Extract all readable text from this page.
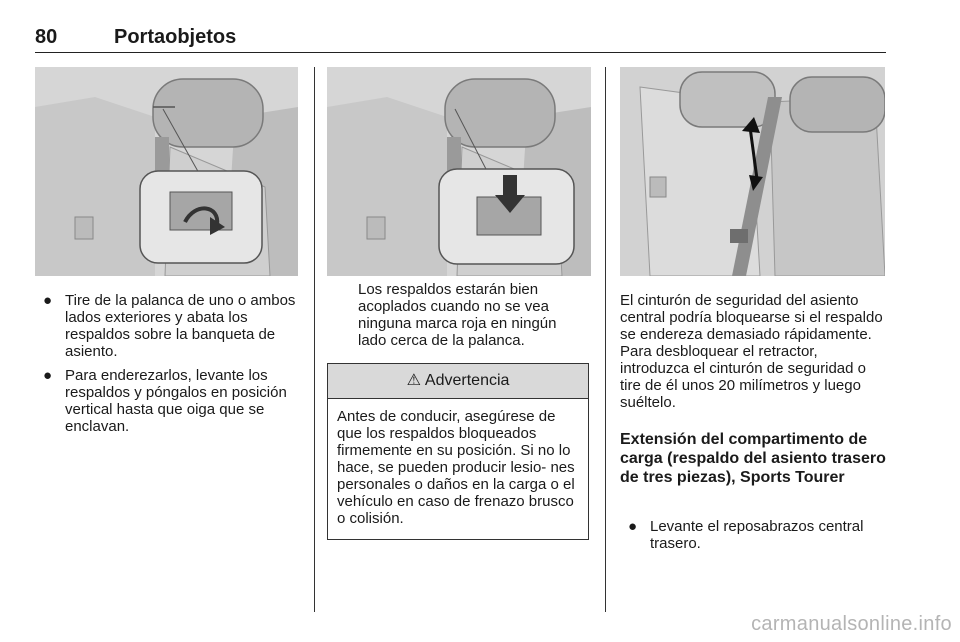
80	Portaobjetos
● Tire de la palanca de uno o ambos lados exteriores y abata los respaldos sobre la banqueta de asiento.
● Para enderezarlos, levante los respaldos y póngalos en posición vertical hasta que oiga que se enclavan.

Los respaldos estarán bien acoplados cuando no se vea ninguna marca roja en ningún lado cerca de la palanca.

⚠ Advertencia

Antes de conducir, asegúrese de que los respaldos bloqueados firmemente en su posición. Si no lo hace, se pueden producir lesio- nes personales o daños en la carga o el vehículo en caso de frenazo brusco o colisión.

El cinturón de seguridad del asiento central podría bloquearse si el respaldo se endereza demasiado rápidamente. Para desbloquear el retractor, introduzca el cinturón de seguridad o tire de él unos 20 milímetros y luego suéltelo.

Extensión del compartimento de carga (respaldo del asiento trasero de tres piezas), Sports Tourer
● Levante el reposabrazos central trasero.
carmanualsonline.info
